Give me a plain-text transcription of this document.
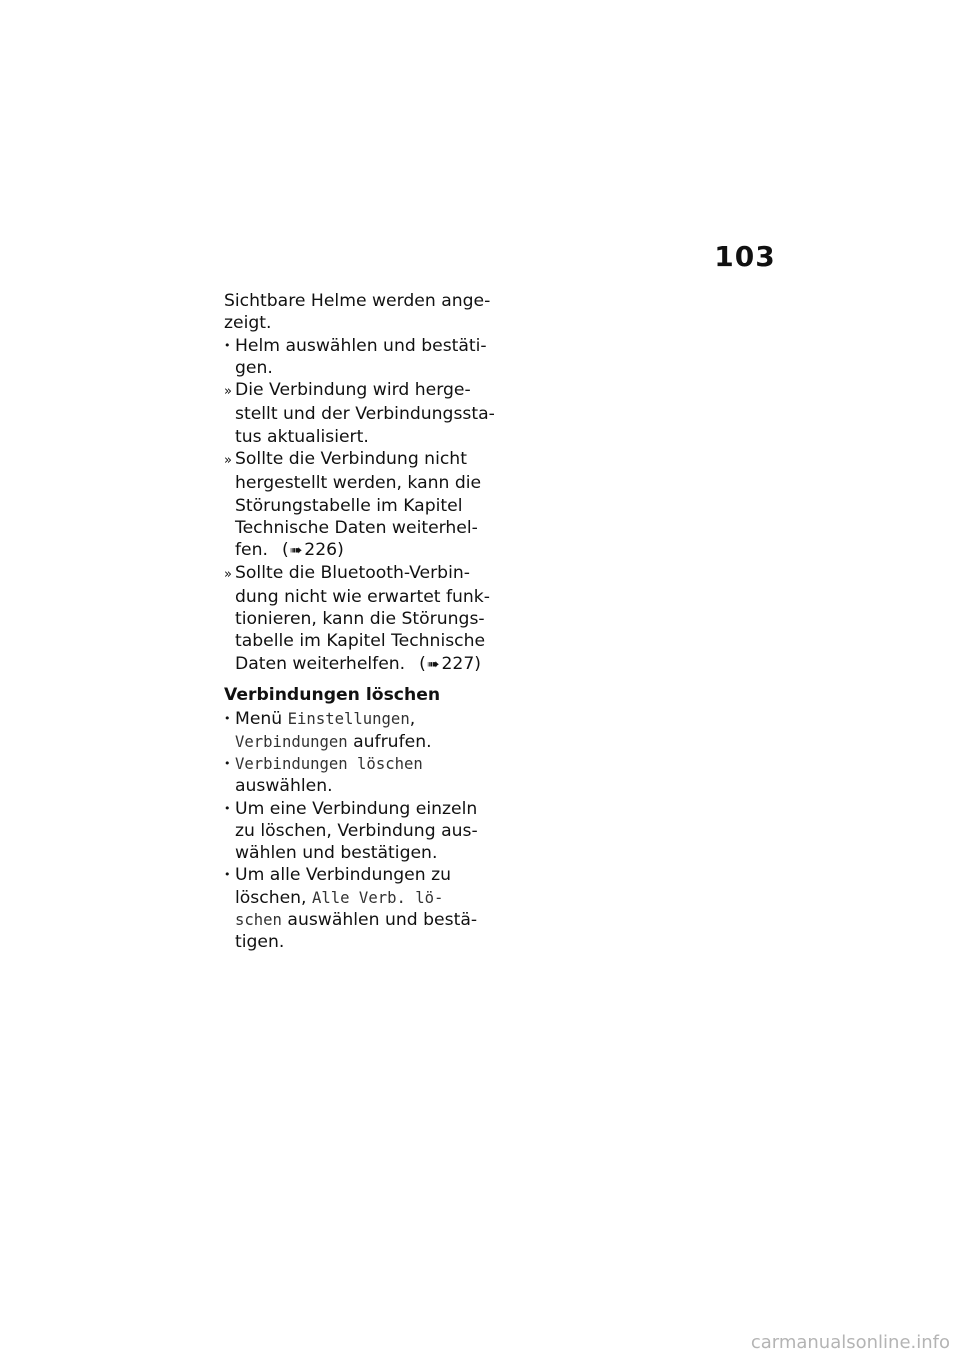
103
Sichtbare Helme werden ange-
zeigt.
• Helm auswählen und bestäti-
gen.
» Die Verbindung wird herge-
stellt und der Verbindungssta-
tus aktualisiert.
» Sollte die Verbindung nicht
hergestellt werden, kann die
Störungstabelle im Kapitel
Technische Daten weiterhel-
fen. (➠ 226)
» Sollte die Bluetooth-Verbin-
dung nicht wie erwartet funk-
tionieren, kann die Störungs-
tabelle im Kapitel Technische
Daten weiterhelfen. (➠ 227)
Verbindungen löschen
• Menü Einstellungen,
Verbindungen aufrufen.
• Verbindungen löschen
auswählen.
• Um eine Verbindung einzeln
zu löschen, Verbindung aus-
wählen und bestätigen.
• Um alle Verbindungen zu
löschen, Alle Verb. lö-
schen auswählen und bestä-
tigen.
carmanualsonline.info
